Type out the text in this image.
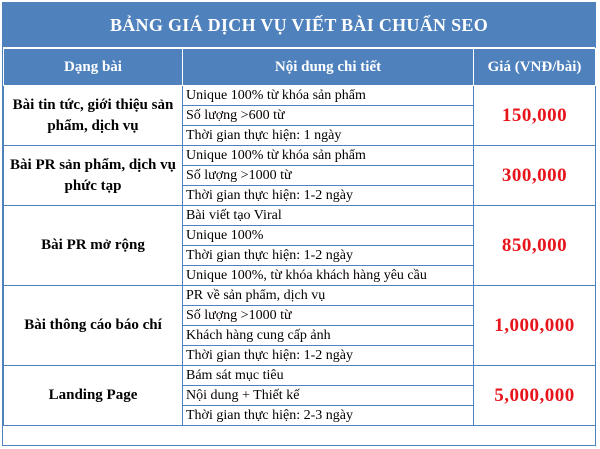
BẢNG GIÁ DỊCH VỤ VIẾT BÀI CHUẨN SEO
Dạng bài	Nội dung chi tiết	Giá (VNĐ/bài)
Bài tin tức, giới thiệu sản phẩm, dịch vụ	Unique 100% từ khóa sản phẩm
Số lượng >600 từ
Thời gian thực hiện: 1 ngày	150,000
Bài PR sản phẩm, dịch vụ phức tạp	Unique 100% từ khóa sản phẩm
Số lượng >1000 từ
Thời gian thực hiện: 1-2 ngày	300,000
Bài PR mở rộng	Bài viết tạo Viral
Unique 100%
Thời gian thực hiện: 1-2 ngày
Unique 100%, từ khóa khách hàng yêu cầu	850,000
Bài thông cáo báo chí	PR về sản phẩm, dịch vụ
Số lượng >1000 từ
Khách hàng cung cấp ảnh
Thời gian thực hiện: 1-2 ngày	1,000,000
Landing Page	Bám sát mục tiêu
Nội dung + Thiết kế
Thời gian thực hiện: 2-3 ngày	5,000,000
